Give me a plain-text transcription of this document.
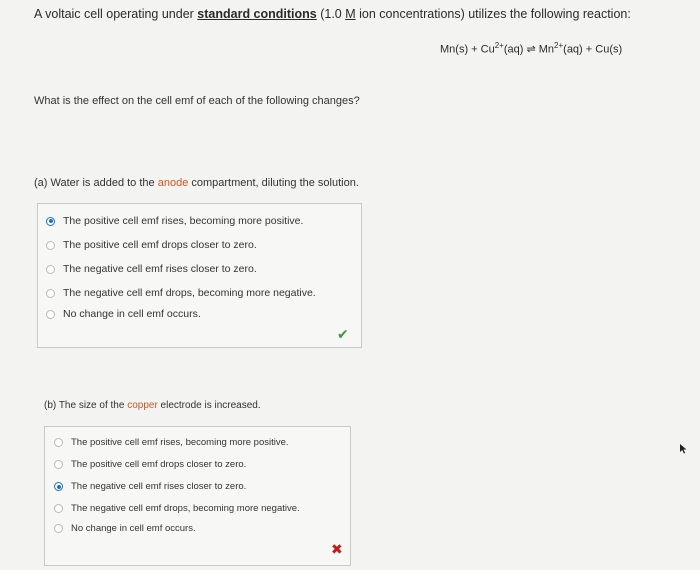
A voltaic cell operating under standard conditions (1.0 M ion concentrations) utilizes the following reaction:
$Mn(s) + Cu^{2+}(aq)$ ⇌ $Mn^{2+}(aq) + Cu(s)$
What is the effect on the cell emf of each of the following changes?
(a) Water is added to the anode compartment, diluting the solution.
The positive cell emf rises, becoming more positive.
The positive cell emf drops closer to zero.
The negative cell emf rises closer to zero.
The negative cell emf drops, becoming more negative.
No change in cell emf occurs.
✔
(b) The size of the copper electrode is increased.
The positive cell emf rises, becoming more positive.
The positive cell emf drops closer to zero.
The negative cell emf rises closer to zero.
The negative cell emf drops, becoming more negative.
No change in cell emf occurs.
✖
